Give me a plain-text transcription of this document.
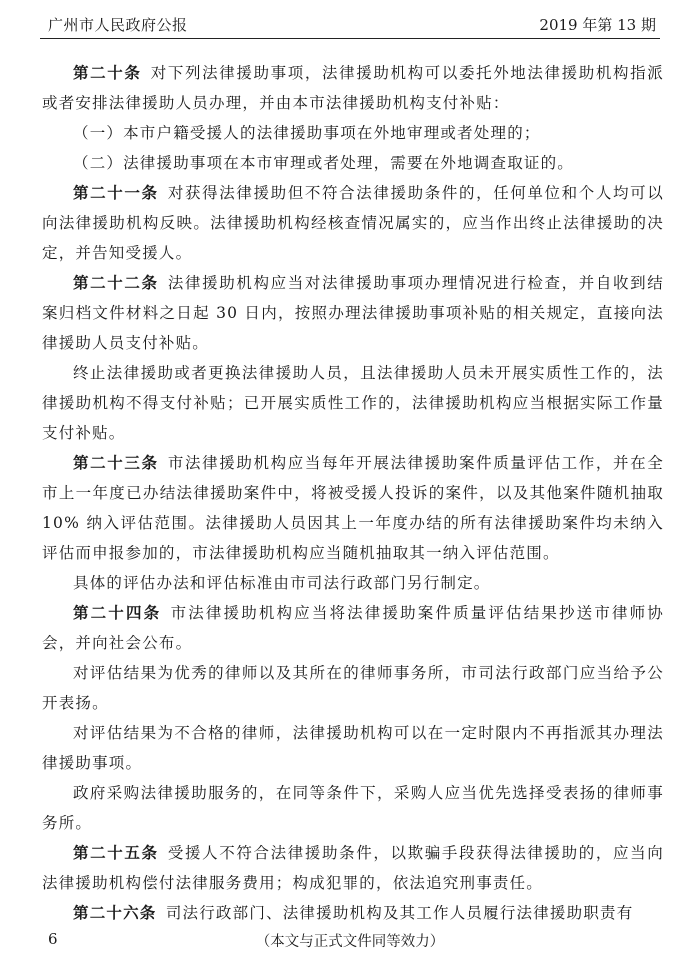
广州市人民政府公报	2019 年第 13 期

第二十条 对下列法律援助事项，法律援助机构可以委托外地法律援助机构指派或者安排法律援助人员办理，并由本市法律援助机构支付补贴：

（一）本市户籍受援人的法律援助事项在外地审理或者处理的；

（二）法律援助事项在本市审理或者处理，需要在外地调查取证的。

第二十一条 对获得法律援助但不符合法律援助条件的，任何单位和个人均可以向法律援助机构反映。法律援助机构经核查情况属实的，应当作出终止法律援助的决定，并告知受援人。

第二十二条 法律援助机构应当对法律援助事项办理情况进行检查，并自收到结案归档文件材料之日起 30 日内，按照办理法律援助事项补贴的相关规定，直接向法律援助人员支付补贴。

终止法律援助或者更换法律援助人员，且法律援助人员未开展实质性工作的，法律援助机构不得支付补贴；已开展实质性工作的，法律援助机构应当根据实际工作量支付补贴。

第二十三条 市法律援助机构应当每年开展法律援助案件质量评估工作，并在全市上一年度已办结法律援助案件中，将被受援人投诉的案件，以及其他案件随机抽取 10% 纳入评估范围。法律援助人员因其上一年度办结的所有法律援助案件均未纳入评估而申报参加的，市法律援助机构应当随机抽取其一纳入评估范围。

具体的评估办法和评估标准由市司法行政部门另行制定。

第二十四条 市法律援助机构应当将法律援助案件质量评估结果抄送市律师协会，并向社会公布。

对评估结果为优秀的律师以及其所在的律师事务所，市司法行政部门应当给予公开表扬。

对评估结果为不合格的律师，法律援助机构可以在一定时限内不再指派其办理法律援助事项。

政府采购法律援助服务的，在同等条件下，采购人应当优先选择受表扬的律师事务所。

第二十五条 受援人不符合法律援助条件，以欺骗手段获得法律援助的，应当向法律援助机构偿付法律服务费用；构成犯罪的，依法追究刑事责任。

第二十六条 司法行政部门、法律援助机构及其工作人员履行法律援助职责有

6	（本文与正式文件同等效力）
